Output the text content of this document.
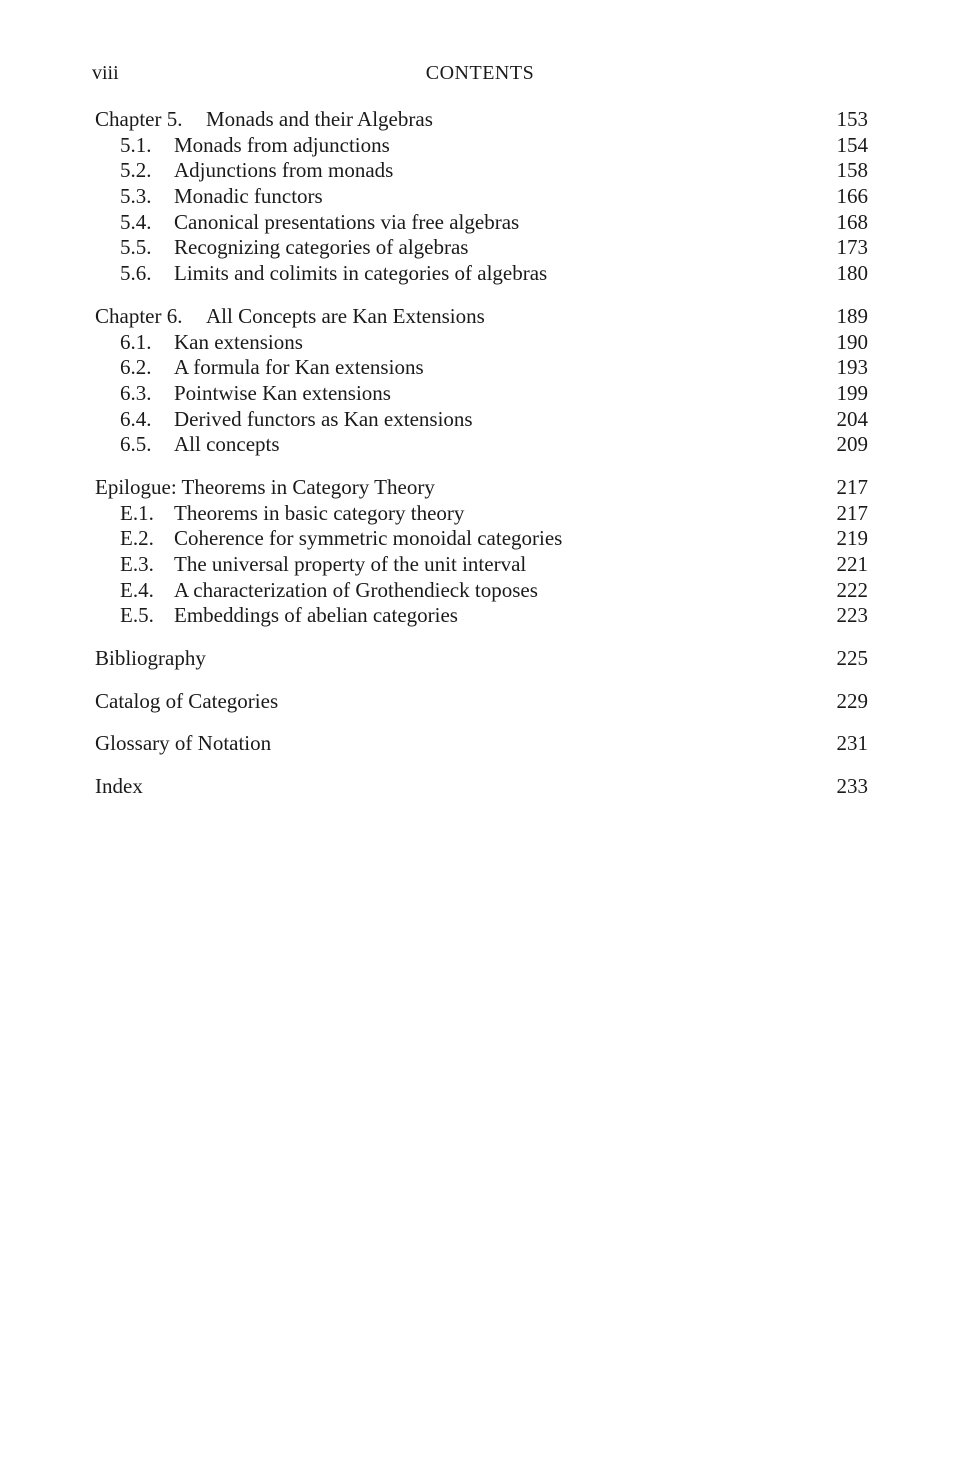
viii	CONTENTS
Chapter 5. Monads and their Algebras	153
5.1. Monads from adjunctions	154
5.2. Adjunctions from monads	158
5.3. Monadic functors	166
5.4. Canonical presentations via free algebras	168
5.5. Recognizing categories of algebras	173
5.6. Limits and colimits in categories of algebras	180
Chapter 6. All Concepts are Kan Extensions	189
6.1. Kan extensions	190
6.2. A formula for Kan extensions	193
6.3. Pointwise Kan extensions	199
6.4. Derived functors as Kan extensions	204
6.5. All concepts	209
Epilogue: Theorems in Category Theory	217
E.1. Theorems in basic category theory	217
E.2. Coherence for symmetric monoidal categories	219
E.3. The universal property of the unit interval	221
E.4. A characterization of Grothendieck toposes	222
E.5. Embeddings of abelian categories	223
Bibliography	225
Catalog of Categories	229
Glossary of Notation	231
Index	233
